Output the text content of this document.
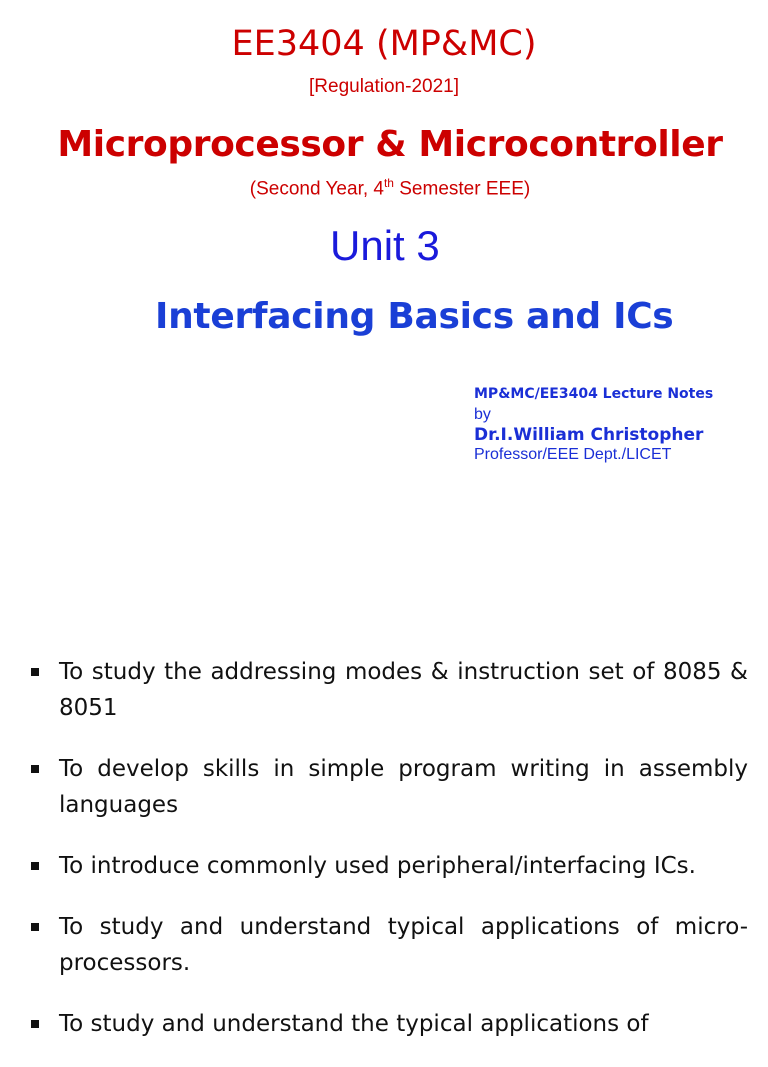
EE3404 (MP&MC)
[Regulation-2021]
Microprocessor & Microcontroller
(Second Year, 4th Semester EEE)
Unit 3
Interfacing Basics and ICs
MP&MC/EE3404 Lecture Notes
by
Dr.I.William Christopher
Professor/EEE Dept./LICET
To study the addressing modes & instruction set of 8085 & 8051
To develop skills in simple program writing in assembly languages
To introduce commonly used peripheral/interfacing ICs.
To study and understand typical applications of micro-processors.
To study and understand the typical applications of
